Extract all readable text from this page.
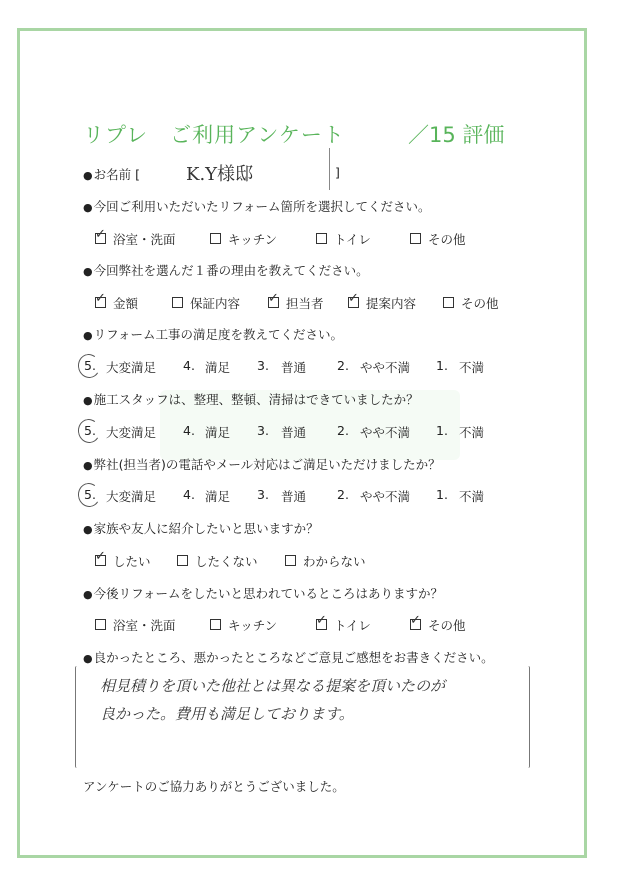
リプレ　ご利用アンケート	／15 評価
●お名前 [	K.Y様邸	]
●今回ご利用いただいたリフォーム箇所を選択してください。
✓ 浴室・洗面	キッチン	トイレ	その他
●今回弊社を選んだ１番の理由を教えてください。
✓ 金額	保証内容 ✓ 担当者 ✓ 提案内容	その他
●リフォーム工事の満足度を教えてください。
5. 大変満足 4. 満足 3. 普通 2. やや不満 1. 不満
●施工スタッフは、整理、整頓、清掃はできていましたか？
5. 大変満足 4. 満足 3. 普通 2. やや不満 1. 不満
●弊社(担当者)の電話やメール対応はご満足いただけましたか？
5. 大変満足 4. 満足 3. 普通 2. やや不満 1. 不満
●家族や友人に紹介したいと思いますか？
✓ したい	したくない	わからない
●今後リフォームをしたいと思われているところはありますか？
浴室・洗面	キッチン	✓ トイレ	✓ その他
●良かったところ、悪かったところなどご意見ご感想をお書きください。
相見積りを頂いた他社とは異なる提案を頂いたのが
良かった。費用も満足しております。
アンケートのご協力ありがとうございました。
